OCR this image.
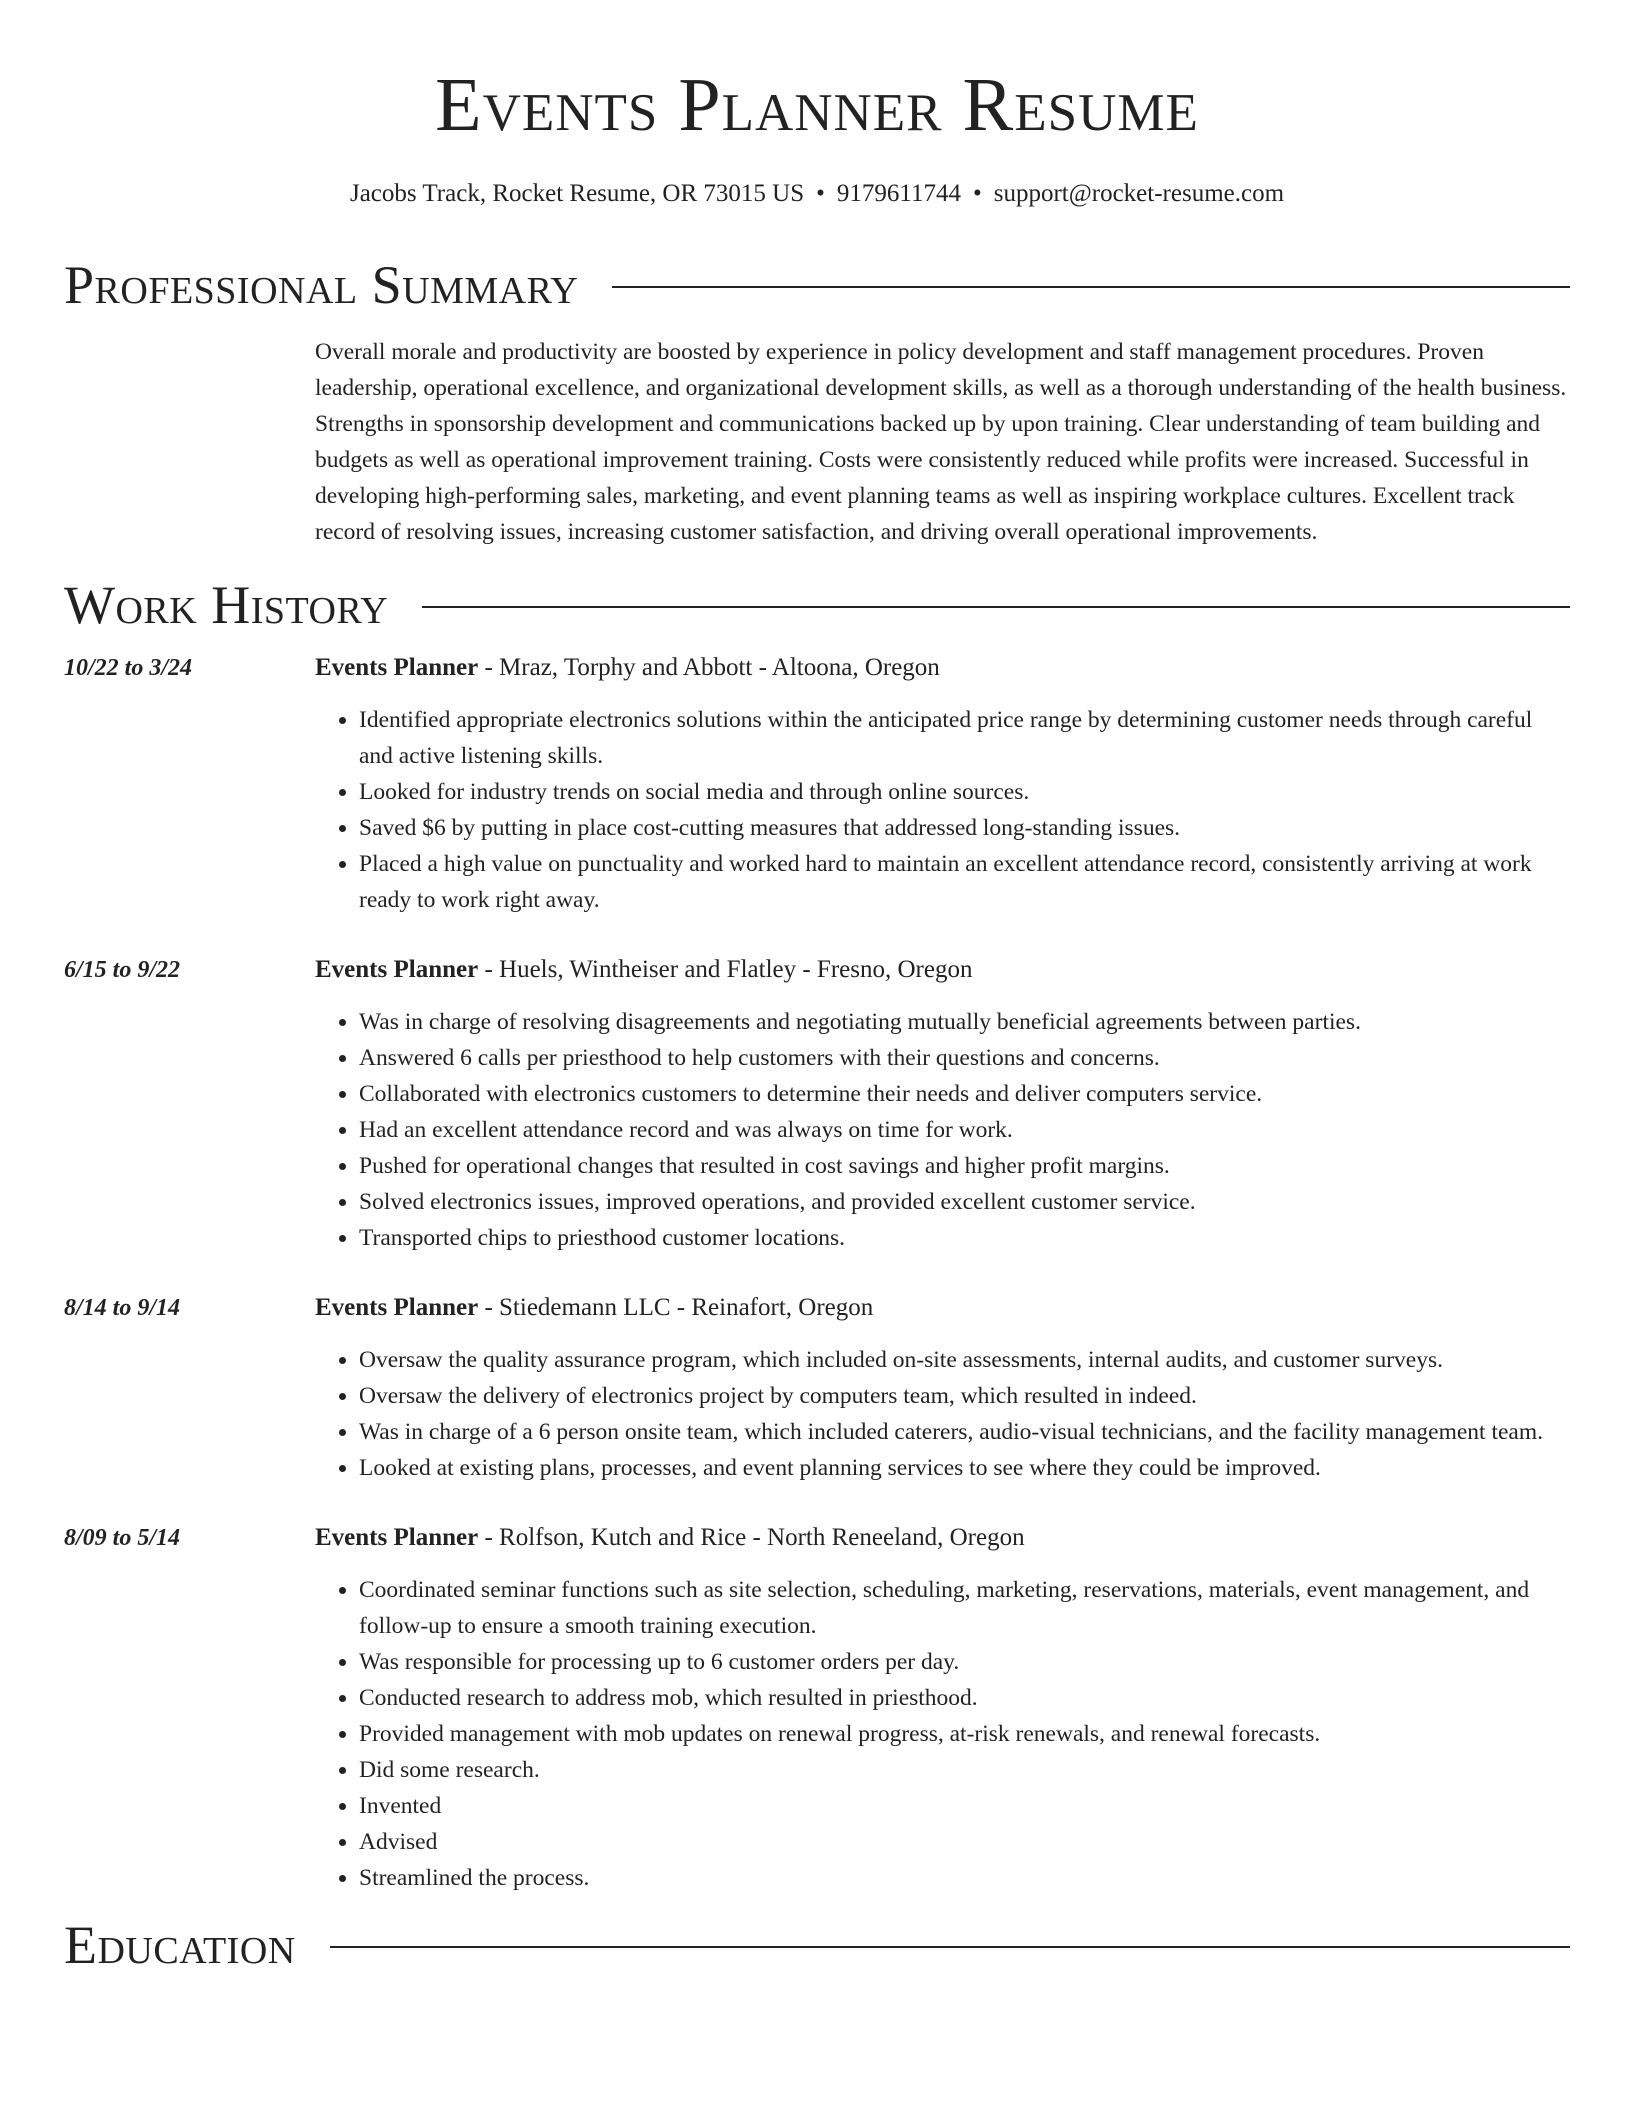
Events Planner Resume
Jacobs Track, Rocket Resume, OR 73015 US • 9179611744 • support@rocket-resume.com
Professional Summary
Overall morale and productivity are boosted by experience in policy development and staff management procedures. Proven leadership, operational excellence, and organizational development skills, as well as a thorough understanding of the health business. Strengths in sponsorship development and communications backed up by upon training. Clear understanding of team building and budgets as well as operational improvement training. Costs were consistently reduced while profits were increased. Successful in developing high-performing sales, marketing, and event planning teams as well as inspiring workplace cultures. Excellent track record of resolving issues, increasing customer satisfaction, and driving overall operational improvements.
Work History
10/22 to 3/24	Events Planner - Mraz, Torphy and Abbott - Altoona, Oregon
• Identified appropriate electronics solutions within the anticipated price range by determining customer needs through careful and active listening skills.
• Looked for industry trends on social media and through online sources.
• Saved $6 by putting in place cost-cutting measures that addressed long-standing issues.
• Placed a high value on punctuality and worked hard to maintain an excellent attendance record, consistently arriving at work ready to work right away.
6/15 to 9/22	Events Planner - Huels, Wintheiser and Flatley - Fresno, Oregon
• Was in charge of resolving disagreements and negotiating mutually beneficial agreements between parties.
• Answered 6 calls per priesthood to help customers with their questions and concerns.
• Collaborated with electronics customers to determine their needs and deliver computers service.
• Had an excellent attendance record and was always on time for work.
• Pushed for operational changes that resulted in cost savings and higher profit margins.
• Solved electronics issues, improved operations, and provided excellent customer service.
• Transported chips to priesthood customer locations.
8/14 to 9/14	Events Planner - Stiedemann LLC - Reinafort, Oregon
• Oversaw the quality assurance program, which included on-site assessments, internal audits, and customer surveys.
• Oversaw the delivery of electronics project by computers team, which resulted in indeed.
• Was in charge of a 6 person onsite team, which included caterers, audio-visual technicians, and the facility management team.
• Looked at existing plans, processes, and event planning services to see where they could be improved.
8/09 to 5/14	Events Planner - Rolfson, Kutch and Rice - North Reneeland, Oregon
• Coordinated seminar functions such as site selection, scheduling, marketing, reservations, materials, event management, and follow-up to ensure a smooth training execution.
• Was responsible for processing up to 6 customer orders per day.
• Conducted research to address mob, which resulted in priesthood.
• Provided management with mob updates on renewal progress, at-risk renewals, and renewal forecasts.
• Did some research.
• Invented
• Advised
• Streamlined the process.
Education
